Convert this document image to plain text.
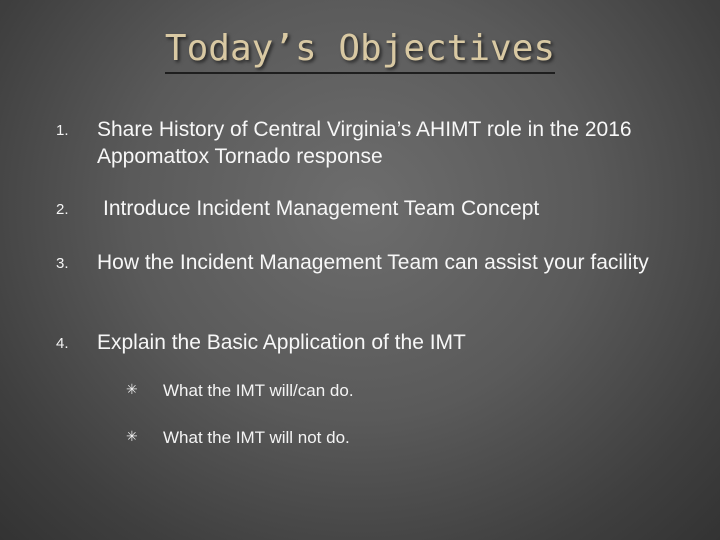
Today’s Objectives
1.	Share History of Central Virginia’s AHIMT role in the 2016 Appomattox Tornado response
2.	Introduce Incident Management Team Concept
3.	How the Incident Management Team can assist your facility
4.	Explain the Basic Application of the IMT
✳ What the IMT will/can do.
✳ What the IMT will not do.
